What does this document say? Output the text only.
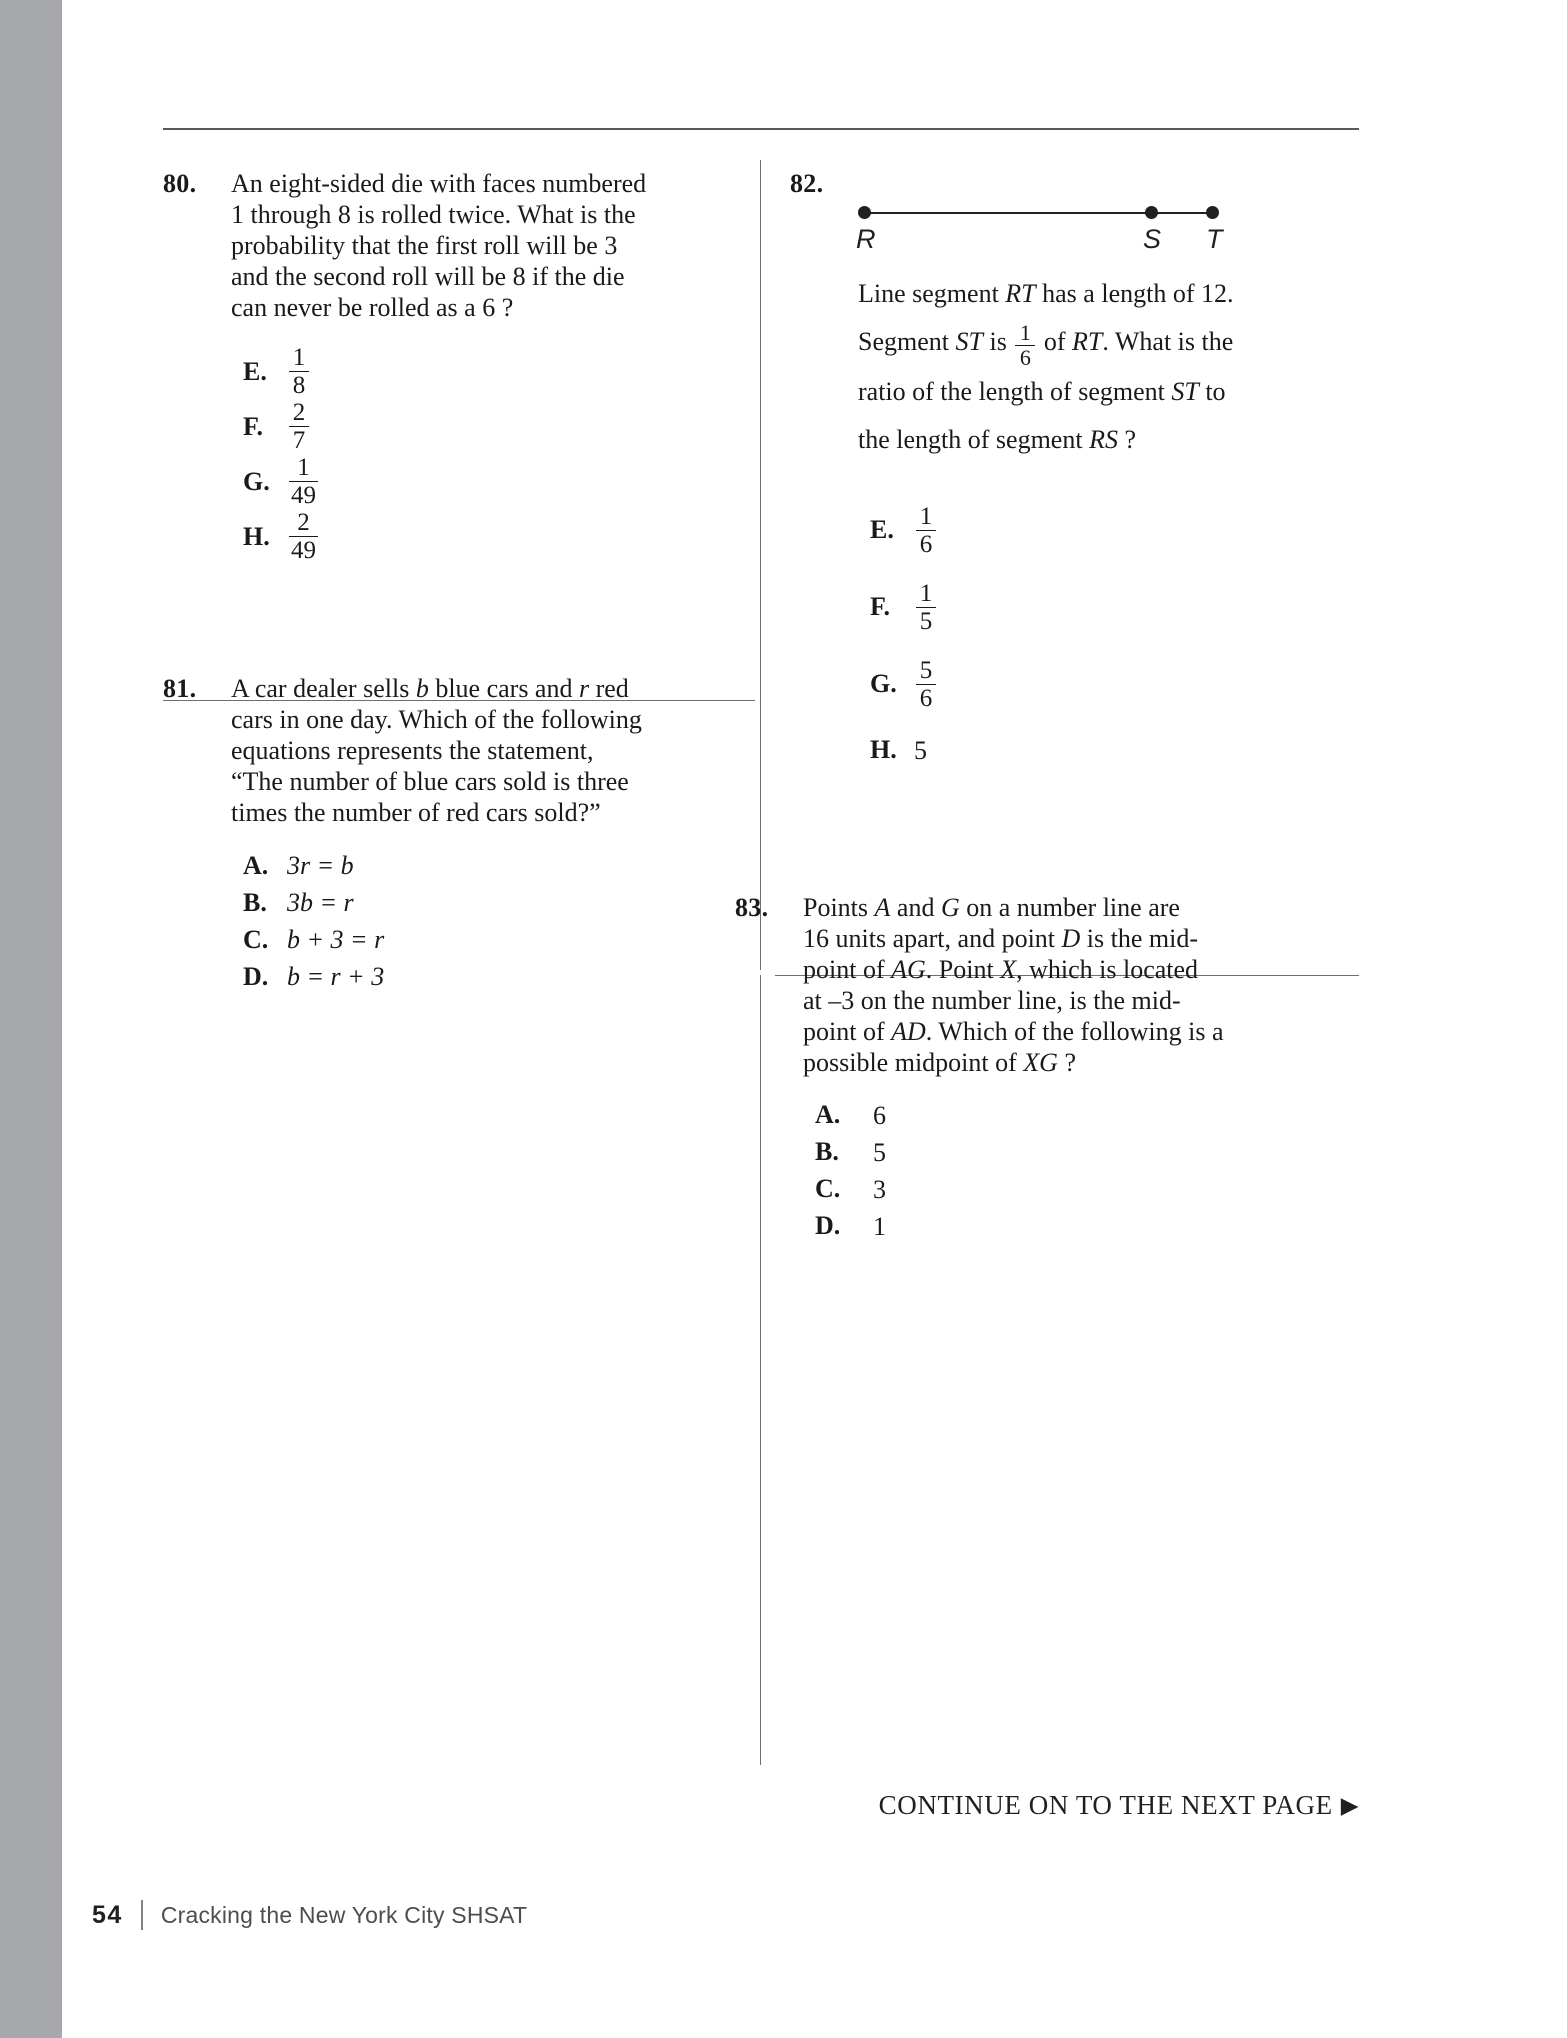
80.	An eight-sided die with faces numbered
1 through 8 is rolled twice. What is the
probability that the first roll will be 3
and the second roll will be 8 if the die
can never be rolled as a 6 ?
E. $\frac{1}{8}$
F.	$\frac{2}{7}$
G. $\frac{1}{49}$
H. $\frac{2}{49}$
81.	A car dealer sells b blue cars and r red
cars in one day. Which of the following
equations represents the statement,
“The number of blue cars sold is three
times the number of red cars sold?”
A. 3r = b
B. 3b = r
C. b + 3 = r
D. b = r + 3
82.
R	S T
Line segment RT has a length of 12.
Segment ST is $\frac{1}{6}$ of RT. What is the
ratio of the length of segment ST to
the length of segment RS ?
E. $\frac{1}{6}$
F.	$\frac{1}{5}$
G. $\frac{5}{6}$
H. 5
83.	Points A and G on a number line are
16 units apart, and point D is the mid-
point of AG. Point X, which is located
at –3 on the number line, is the mid-
point of AD. Which of the following is a
possible midpoint of XG ?
A.	6
B.	5
C.	3
D.	1
CONTINUE ON TO THE NEXT PAGE ▶
54 Cracking the New York City SHSAT
